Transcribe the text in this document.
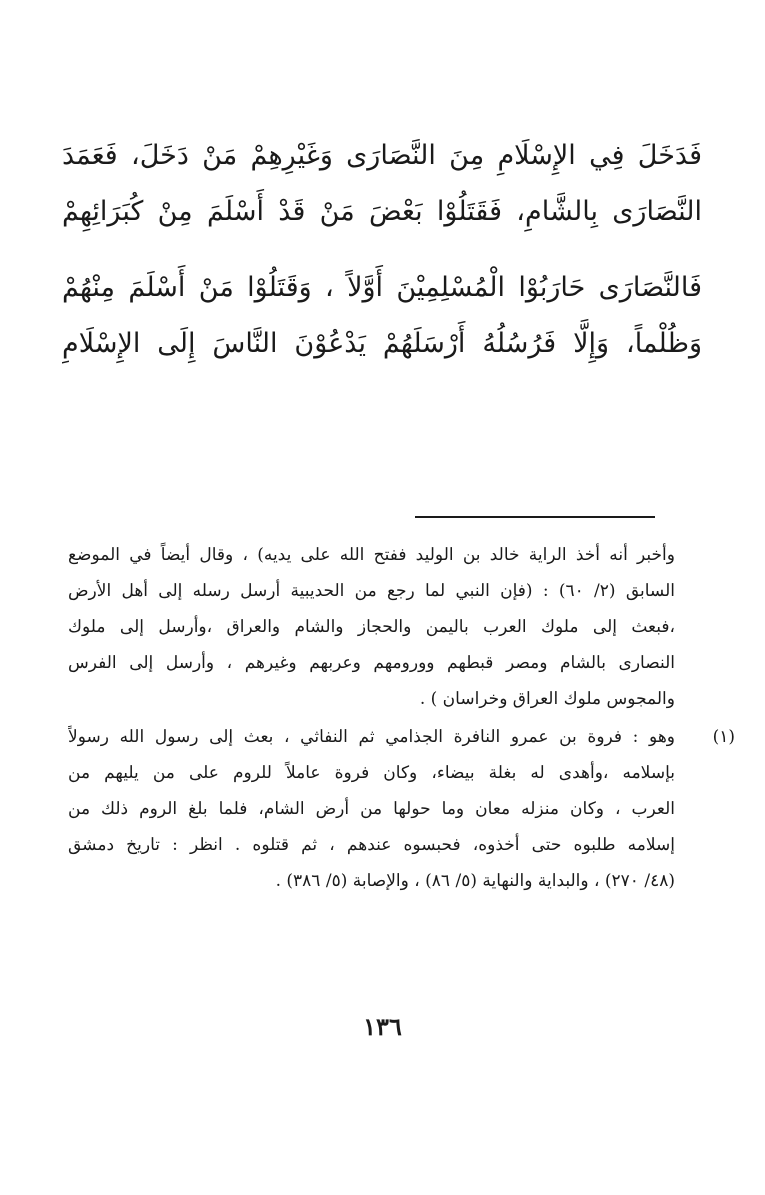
فَدَخَلَ فِي الإِسْلَامِ مِنَ النَّصَارَى وَغَيْرِهِمْ مَنْ دَخَلَ، فَعَمَدَ
النَّصَارَى بِالشَّامِ، فَقَتَلُوْا بَعْضَ مَنْ قَدْ أَسْلَمَ مِنْ كُبَرَائِهِمْ
فَالنَّصَارَى حَارَبُوْا الْمُسْلِمِيْنَ أَوَّلاً ، وَقَتَلُوْا مَنْ أَسْلَمَ مِنْهُمْ
وَظُلْماً، وَإِلَّا فَرُسُلُهُ أَرْسَلَهُمْ يَدْعُوْنَ النَّاسَ إِلَى الإِسْلَامِ
وأخبر أنه أخذ الراية خالد بن الوليد ففتح الله على يديه) ، وقال أيضاً في الموضع
السابق (٢/ ٦٠) : (فإن النبي لما رجع من الحديبية أرسل رسله إلى أهل الأرض
،فبعث إلى ملوك العرب باليمن والحجاز والشام والعراق ،وأرسل إلى ملوك
النصارى بالشام ومصر قبطهم وورومهم وعربهم وغيرهم ، وأرسل إلى الفرس
والمجوس ملوك العراق وخراسان ) .
(١)
وهو : فروة بن عمرو النافرة الجذامي ثم النفاثي ، بعث إلى رسول الله رسولاً
بإسلامه ،وأهدى له بغلة بيضاء، وكان فروة عاملاً للروم على من يليهم من
العرب ، وكان منزله معان وما حولها من أرض الشام، فلما بلغ الروم ذلك من
إسلامه طلبوه حتى أخذوه، فحبسوه عندهم ، ثم قتلوه . انظر : تاريخ دمشق
(٤٨/ ٢٧٠) ، والبداية والنهاية (٥/ ٨٦) ، والإصابة (٥/ ٣٨٦) .
١٣٦
